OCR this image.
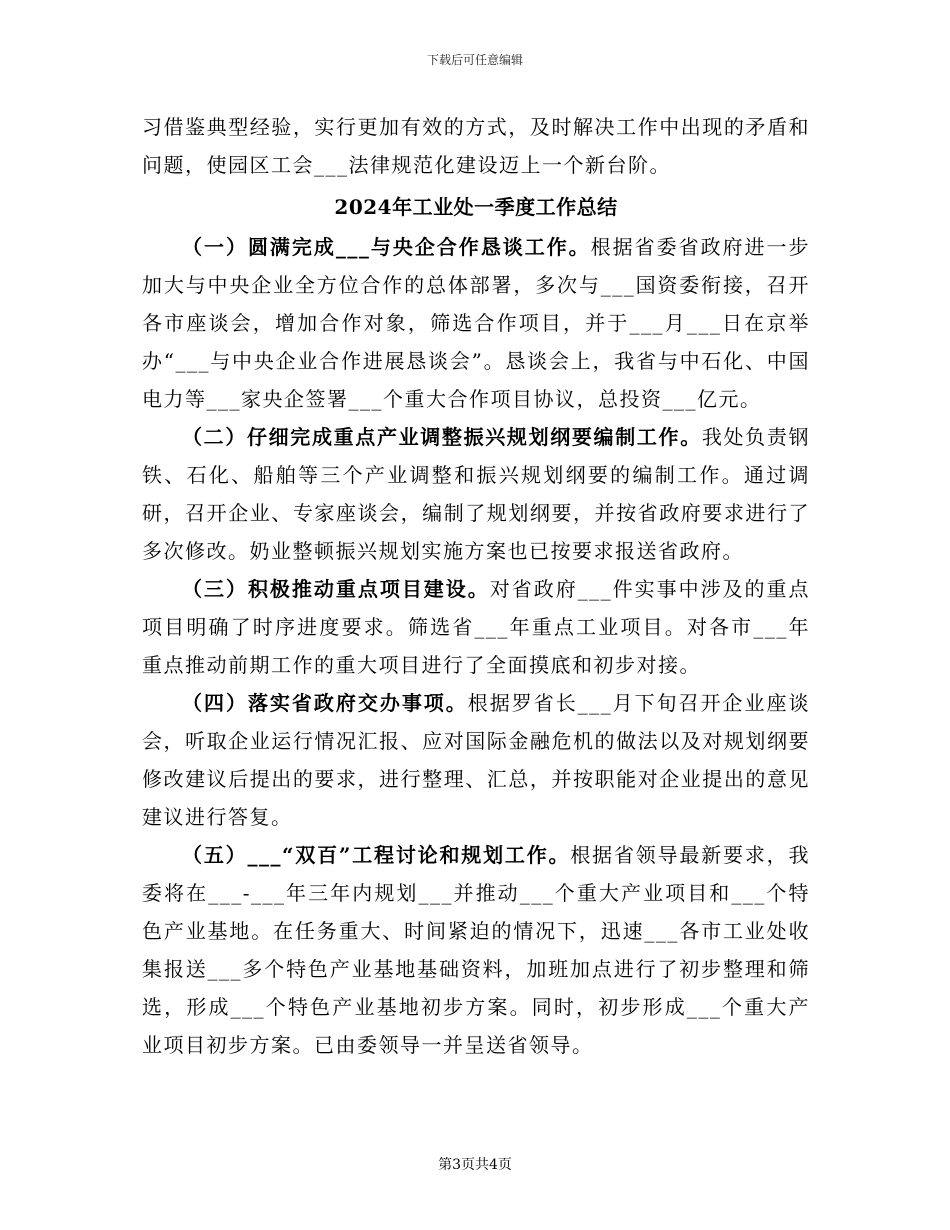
下载后可任意编辑

习借鉴典型经验，实行更加有效的方式，及时解决工作中出现的矛盾和问题，使园区工会___法律规范化建设迈上一个新台阶。

2024年工业处一季度工作总结

（一）圆满完成___与央企合作恳谈工作。根据省委省政府进一步加大与中央企业全方位合作的总体部署，多次与___国资委衔接，召开各市座谈会，增加合作对象，筛选合作项目，并于___月___日在京举办“___与中央企业合作进展恳谈会”。恳谈会上，我省与中石化、中国电力等___家央企签署___个重大合作项目协议，总投资___亿元。

（二）仔细完成重点产业调整振兴规划纲要编制工作。我处负责钢铁、石化、船舶等三个产业调整和振兴规划纲要的编制工作。通过调研，召开企业、专家座谈会，编制了规划纲要，并按省政府要求进行了多次修改。奶业整顿振兴规划实施方案也已按要求报送省政府。

（三）积极推动重点项目建设。对省政府___件实事中涉及的重点项目明确了时序进度要求。筛选省___年重点工业项目。对各市___年重点推动前期工作的重大项目进行了全面摸底和初步对接。

（四）落实省政府交办事项。根据罗省长___月下旬召开企业座谈会，听取企业运行情况汇报、应对国际金融危机的做法以及对规划纲要修改建议后提出的要求，进行整理、汇总，并按职能对企业提出的意见建议进行答复。

（五）___“双百”工程讨论和规划工作。根据省领导最新要求，我委将在___-___年三年内规划___并推动___个重大产业项目和___个特色产业基地。在任务重大、时间紧迫的情况下，迅速___各市工业处收集报送___多个特色产业基地基础资料，加班加点进行了初步整理和筛选，形成___个特色产业基地初步方案。同时，初步形成___个重大产业项目初步方案。已由委领导一并呈送省领导。

第3页共4页
